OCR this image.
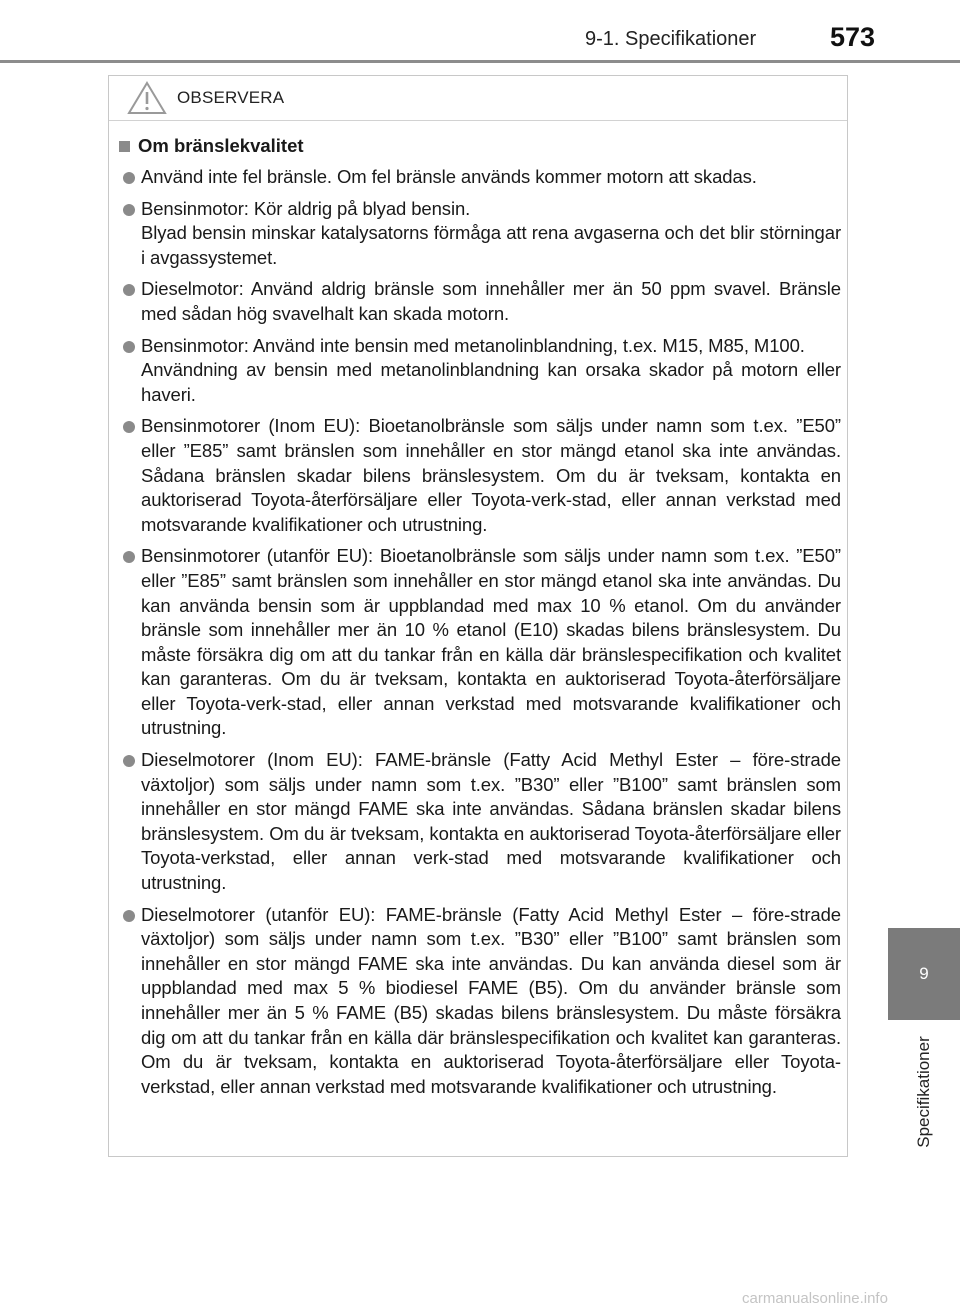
9-1. Specifikationer	573
9
Specifikationer
OBSERVERA
Om bränslekvalitet
Använd inte fel bränsle. Om fel bränsle används kommer motorn att skadas.
Bensinmotor: Kör aldrig på blyad bensin.
Blyad bensin minskar katalysatorns förmåga att rena avgaserna och det blir störningar i avgassystemet.
Dieselmotor: Använd aldrig bränsle som innehåller mer än 50 ppm svavel. Bränsle med sådan hög svavelhalt kan skada motorn.
Bensinmotor: Använd inte bensin med metanolinblandning, t.ex. M15, M85, M100.
Användning av bensin med metanolinblandning kan orsaka skador på motorn eller haveri.
Bensinmotorer (Inom EU): Bioetanolbränsle som säljs under namn som t.ex. ”E50” eller ”E85” samt bränslen som innehåller en stor mängd etanol ska inte användas. Sådana bränslen skadar bilens bränslesystem. Om du är tveksam, kontakta en auktoriserad Toyota-återförsäljare eller Toyota-verk-stad, eller annan verkstad med motsvarande kvalifikationer och utrustning.
Bensinmotorer (utanför EU): Bioetanolbränsle som säljs under namn som t.ex. ”E50” eller ”E85” samt bränslen som innehåller en stor mängd etanol ska inte användas. Du kan använda bensin som är uppblandad med max 10 % etanol. Om du använder bränsle som innehåller mer än 10 % etanol (E10) skadas bilens bränslesystem. Du måste försäkra dig om att du tankar från en källa där bränslespecifikation och kvalitet kan garanteras. Om du är tveksam, kontakta en auktoriserad Toyota-återförsäljare eller Toyota-verk-stad, eller annan verkstad med motsvarande kvalifikationer och utrustning.
Dieselmotorer (Inom EU): FAME-bränsle (Fatty Acid Methyl Ester – före-strade växtoljor) som säljs under namn som t.ex. ”B30” eller ”B100” samt bränslen som innehåller en stor mängd FAME ska inte användas. Sådana bränslen skadar bilens bränslesystem. Om du är tveksam, kontakta en auktoriserad Toyota-återförsäljare eller Toyota-verkstad, eller annan verk-stad med motsvarande kvalifikationer och utrustning.
Dieselmotorer (utanför EU): FAME-bränsle (Fatty Acid Methyl Ester – före-strade växtoljor) som säljs under namn som t.ex. ”B30” eller ”B100” samt bränslen som innehåller en stor mängd FAME ska inte användas. Du kan använda diesel som är uppblandad med max 5 % biodiesel FAME (B5). Om du använder bränsle som innehåller mer än 5 % FAME (B5) skadas bilens bränslesystem. Du måste försäkra dig om att du tankar från en källa där bränslespecifikation och kvalitet kan garanteras. Om du är tveksam, kontakta en auktoriserad Toyota-återförsäljare eller Toyota-verkstad, eller annan verkstad med motsvarande kvalifikationer och utrustning.
carmanualsonline.info
